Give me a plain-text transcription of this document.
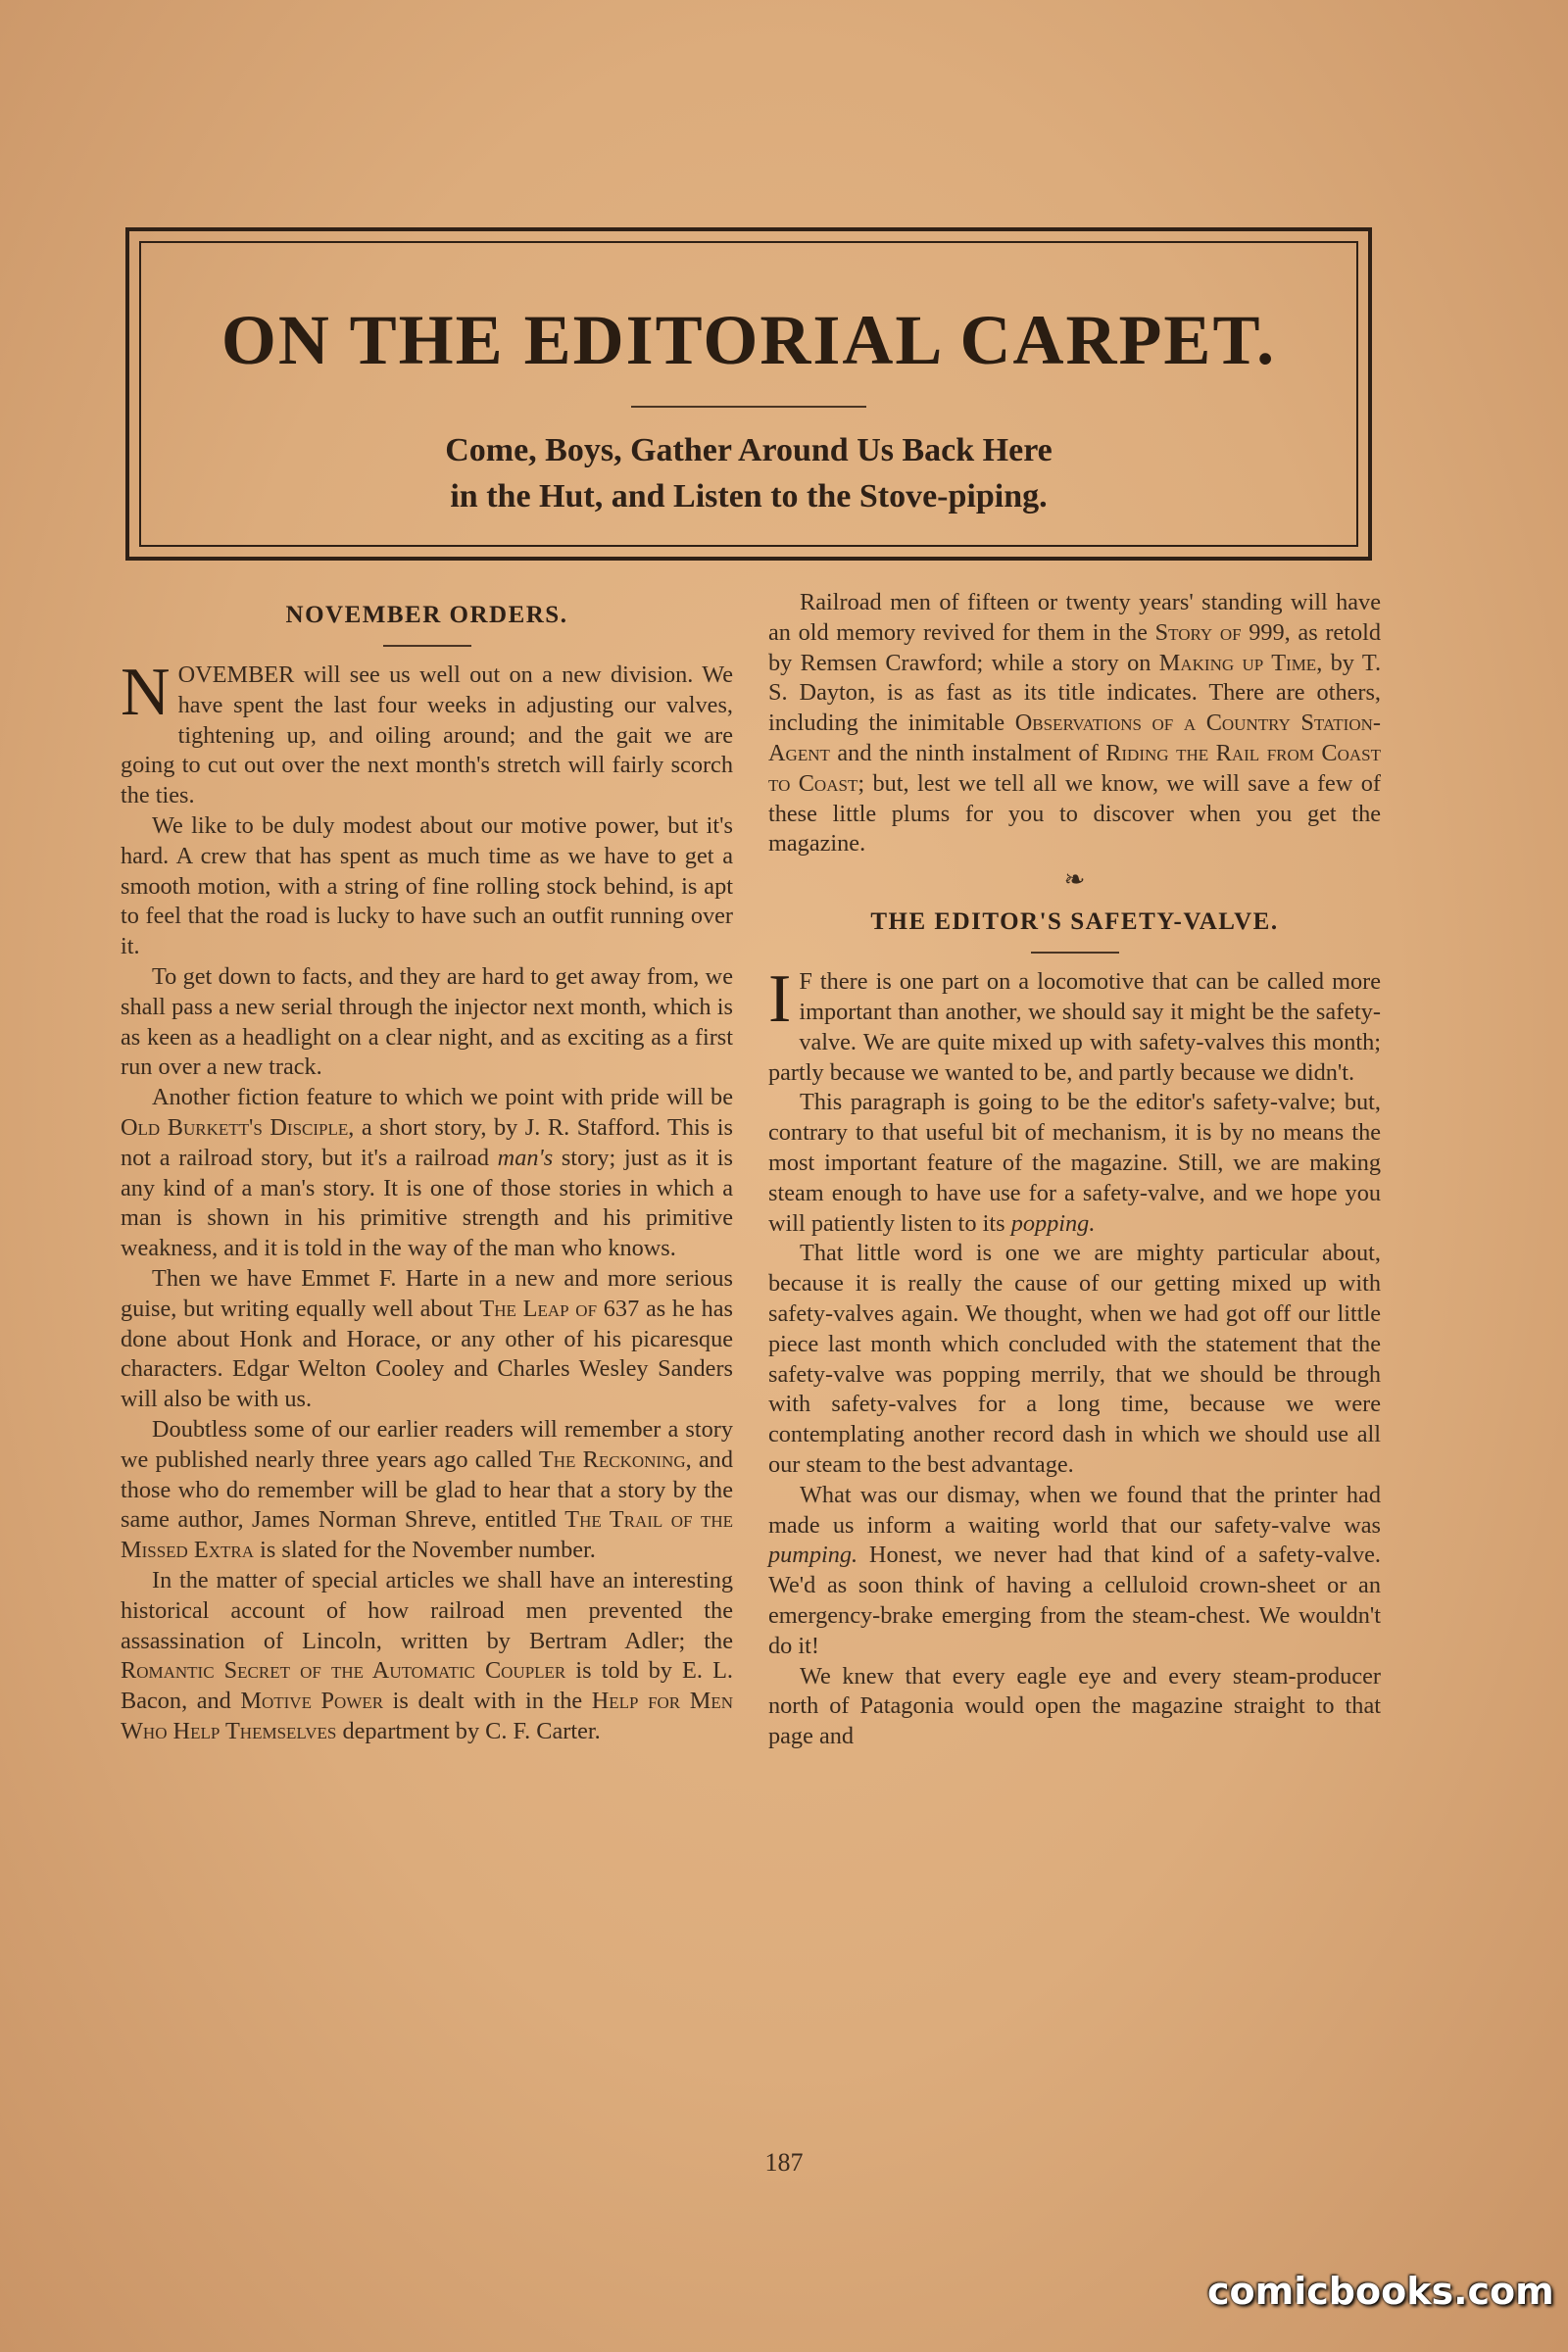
ON THE EDITORIAL CARPET.
Come, Boys, Gather Around Us Back Here
in the Hut, and Listen to the Stove-piping.
NOVEMBER ORDERS.

NOVEMBER will see us well out on a new division. We have spent the last four weeks in adjusting our valves, tightening up, and oiling around; and the gait we are going to cut out over the next month's stretch will fairly scorch the ties.

We like to be duly modest about our motive power, but it's hard. A crew that has spent as much time as we have to get a smooth motion, with a string of fine rolling stock behind, is apt to feel that the road is lucky to have such an outfit running over it.

To get down to facts, and they are hard to get away from, we shall pass a new serial through the injector next month, which is as keen as a headlight on a clear night, and as exciting as a first run over a new track.

Another fiction feature to which we point with pride will be Old Burkett's Disciple, a short story, by J. R. Stafford. This is not a railroad story, but it's a railroad man's story; just as it is any kind of a man's story. It is one of those stories in which a man is shown in his primitive strength and his primitive weakness, and it is told in the way of the man who knows.

Then we have Emmet F. Harte in a new and more serious guise, but writing equally well about The Leap of 637 as he has done about Honk and Horace, or any other of his picaresque characters. Edgar Welton Cooley and Charles Wesley Sanders will also be with us.

Doubtless some of our earlier readers will remember a story we published nearly three years ago called The Reckoning, and those who do remember will be glad to hear that a story by the same author, James Norman Shreve, entitled The Trail of the Missed Extra is slated for the November number.

In the matter of special articles we shall have an interesting historical account of how railroad men prevented the assassination of Lincoln, written by Bertram Adler; the Romantic Secret of the Automatic Coupler is told by E. L. Bacon, and Motive Power is dealt with in the Help for Men Who Help Themselves department by C. F. Carter.

Railroad men of fifteen or twenty years' standing will have an old memory revived for them in the Story of 999, as retold by Remsen Crawford; while a story on Making up Time, by T. S. Dayton, is as fast as its title indicates. There are others, including the inimitable Observations of a Country Station-Agent and the ninth instalment of Riding the Rail from Coast to Coast; but, lest we tell all we know, we will save a few of these little plums for you to discover when you get the magazine.

❧
THE EDITOR'S SAFETY-VALVE.

I F there is one part on a locomotive that can be called more important than another, we should say it might be the safety-valve. We are quite mixed up with safety-valves this month; partly because we wanted to be, and partly because we didn't.

This paragraph is going to be the editor's safety-valve; but, contrary to that useful bit of mechanism, it is by no means the most important feature of the magazine. Still, we are making steam enough to have use for a safety-valve, and we hope you will patiently listen to its popping.

That little word is one we are mighty particular about, because it is really the cause of our getting mixed up with safety-valves again. We thought, when we had got off our little piece last month which concluded with the statement that the safety-valve was popping merrily, that we should be through with safety-valves for a long time, because we were contemplating another record dash in which we should use all our steam to the best advantage.

What was our dismay, when we found that the printer had made us inform a waiting world that our safety-valve was pumping. Honest, we never had that kind of a safety-valve. We'd as soon think of having a celluloid crown-sheet or an emergency-brake emerging from the steam-chest. We wouldn't do it!

We knew that every eagle eye and every steam-producer north of Patagonia would open the magazine straight to that page and

187
comicbooks.com
